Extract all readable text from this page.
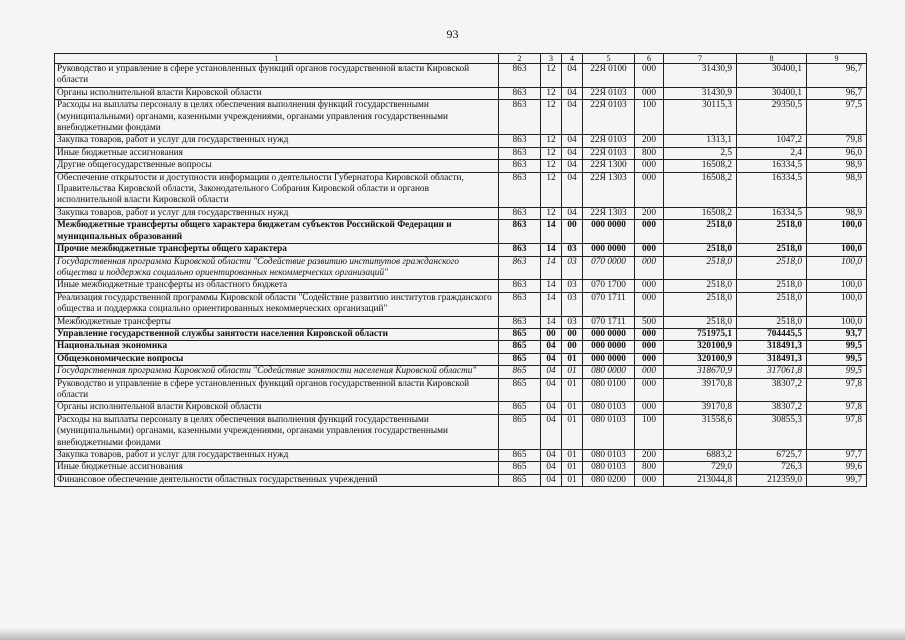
93
1	2	3	4	5	6	7	8	9
Руководство и управление в сфере установленных функций органов государственной власти Кировской области	863	12	04	22Я 0100	000	31430,9	30400,1	96,7
Органы исполнительной власти Кировской области	863	12	04	22Я 0103	000	31430,9	30400,1	96,7
Расходы на выплаты персоналу в целях обеспечения выполнения функций государственными (муниципальными) органами, казенными учреждениями, органами управления государственными внебюджетными фондами	863	12	04	22Я 0103	100	30115,3	29350,5	97,5
Закупка товаров, работ и услуг для государственных нужд	863	12	04	22Я 0103	200	1313,1	1047,2	79,8
Иные бюджетные ассигнования	863	12	04	22Я 0103	800	2,5	2,4	96,0
Другие общегосударственные вопросы	863	12	04	22Я 1300	000	16508,2	16334,5	98,9
Обеспечение открытости и доступности информации о деятельности Губернатора Кировской области, Правительства Кировской области, Законодательного Собрания Кировской области и органов исполнительной власти Кировской области	863	12	04	22Я 1303	000	16508,2	16334,5	98,9
Закупка товаров, работ и услуг для государственных нужд	863	12	04	22Я 1303	200	16508,2	16334,5	98,9
Межбюджетные трансферты общего характера бюджетам субъектов Российской Федерации и муниципальных образований	863	14	00	000 0000	000	2518,0	2518,0	100,0
Прочие межбюджетные трансферты общего характера	863	14	03	000 0000	000	2518,0	2518,0	100,0
Государственная программа Кировской области "Содействие развитию институтов гражданского общества и поддержка социально ориентированных некоммерческих организаций"	863	14	03	070 0000	000	2518,0	2518,0	100,0
Иные межбюджетные трансферты из областного бюджета	863	14	03	070 1700	000	2518,0	2518,0	100,0
Реализация государственной программы Кировской области "Содействие развитию институтов гражданского общества и поддержка социально ориентированных некоммерческих организаций"	863	14	03	070 1711	000	2518,0	2518,0	100,0
Межбюджетные трансферты	863	14	03	070 1711	500	2518,0	2518,0	100,0
Управление государственной службы занятости населения Кировской области	865	00	00	000 0000	000	751975,1	704445,5	93,7
Национальная экономика	865	04	00	000 0000	000	320100,9	318491,3	99,5
Общеэкономические вопросы	865	04	01	000 0000	000	320100,9	318491,3	99,5
Государственная программа Кировской области "Содействие занятости населения Кировской области"	865	04	01	080 0000	000	318670,9	317061,8	99,5
Руководство и управление в сфере установленных функций органов государственной власти Кировской области	865	04	01	080 0100	000	39170,8	38307,2	97,8
Органы исполнительной власти Кировской области	865	04	01	080 0103	000	39170,8	38307,2	97,8
Расходы на выплаты персоналу в целях обеспечения выполнения функций государственными (муниципальными) органами, казенными учреждениями, органами управления государственными внебюджетными фондами	865	04	01	080 0103	100	31558,6	30855,3	97,8
Закупка товаров, работ и услуг для государственных нужд	865	04	01	080 0103	200	6883,2	6725,7	97,7
Иные бюджетные ассигнования	865	04	01	080 0103	800	729,0	726,3	99,6
Финансовое обеспечение деятельности областных государственных учреждений	865	04	01	080 0200	000	213044,8	212359,0	99,7
